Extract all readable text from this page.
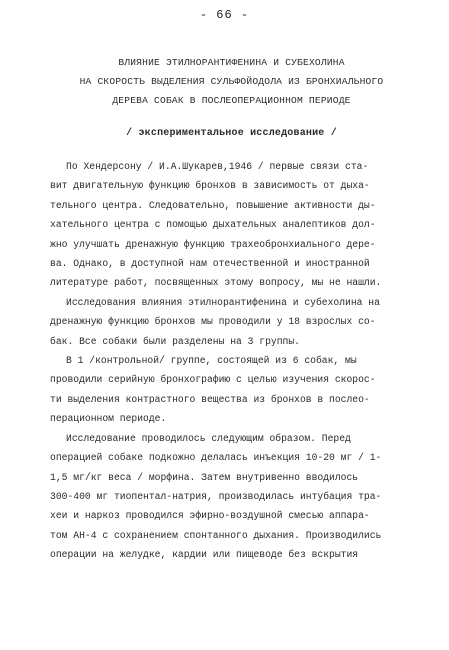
- 66 -
ВЛИЯНИЕ ЭТИЛНОРАНТИФЕНИНА И СУБЕХОЛИНА
НА СКОРОСТЬ ВЫДЕЛЕНИЯ СУЛЬФОЙОДОЛА ИЗ БРОНХИАЛЬНОГО
ДЕРЕВА СОБАК В ПОСЛЕОПЕРАЦИОННОМ ПЕРИОДЕ
/ экспериментальное исследование /

По Хендерсону / И.А.Шукарев,1946 / первые связи ста-
вит двигательную функцию бронхов в зависимость от дыха-
тельного центра. Следовательно, повышение активности ды-
хательного центра с помощью дыхательных аналептиков дол-
жно улучшать дренажную функцию трахеобронхиального дере-
ва. Однако, в доступной нам отечественной и иностранной
литературе работ, посвященных этому вопросу, мы не нашли.

Исследования влияния этилнорантифенина и субехолина на
дренажную функцию бронхов мы проводили у 18 взрослых со-
бак. Все собаки были разделены на 3 группы.

В 1 /контрольной/ группе, состоящей из 6 собак, мы
проводили серийную бронхографию с целью изучения скорос-
ти выделения контрастного вещества из бронхов в послео-
перационном периоде.

Исследование проводилось следующим образом. Перед
операцией собаке подкожно делалась инъекция 10-20 мг / 1-
1,5 мг/кг веса / морфина. Затем внутривенно вводилось
300-400 мг тиопентал-натрия, производилась интубация тра-
хеи и наркоз проводился эфирно-воздушной смесью аппара-
том АН-4 с сохранением спонтанного дыхания. Производились
операции на желудке, кардии или пищеводе без вскрытия
